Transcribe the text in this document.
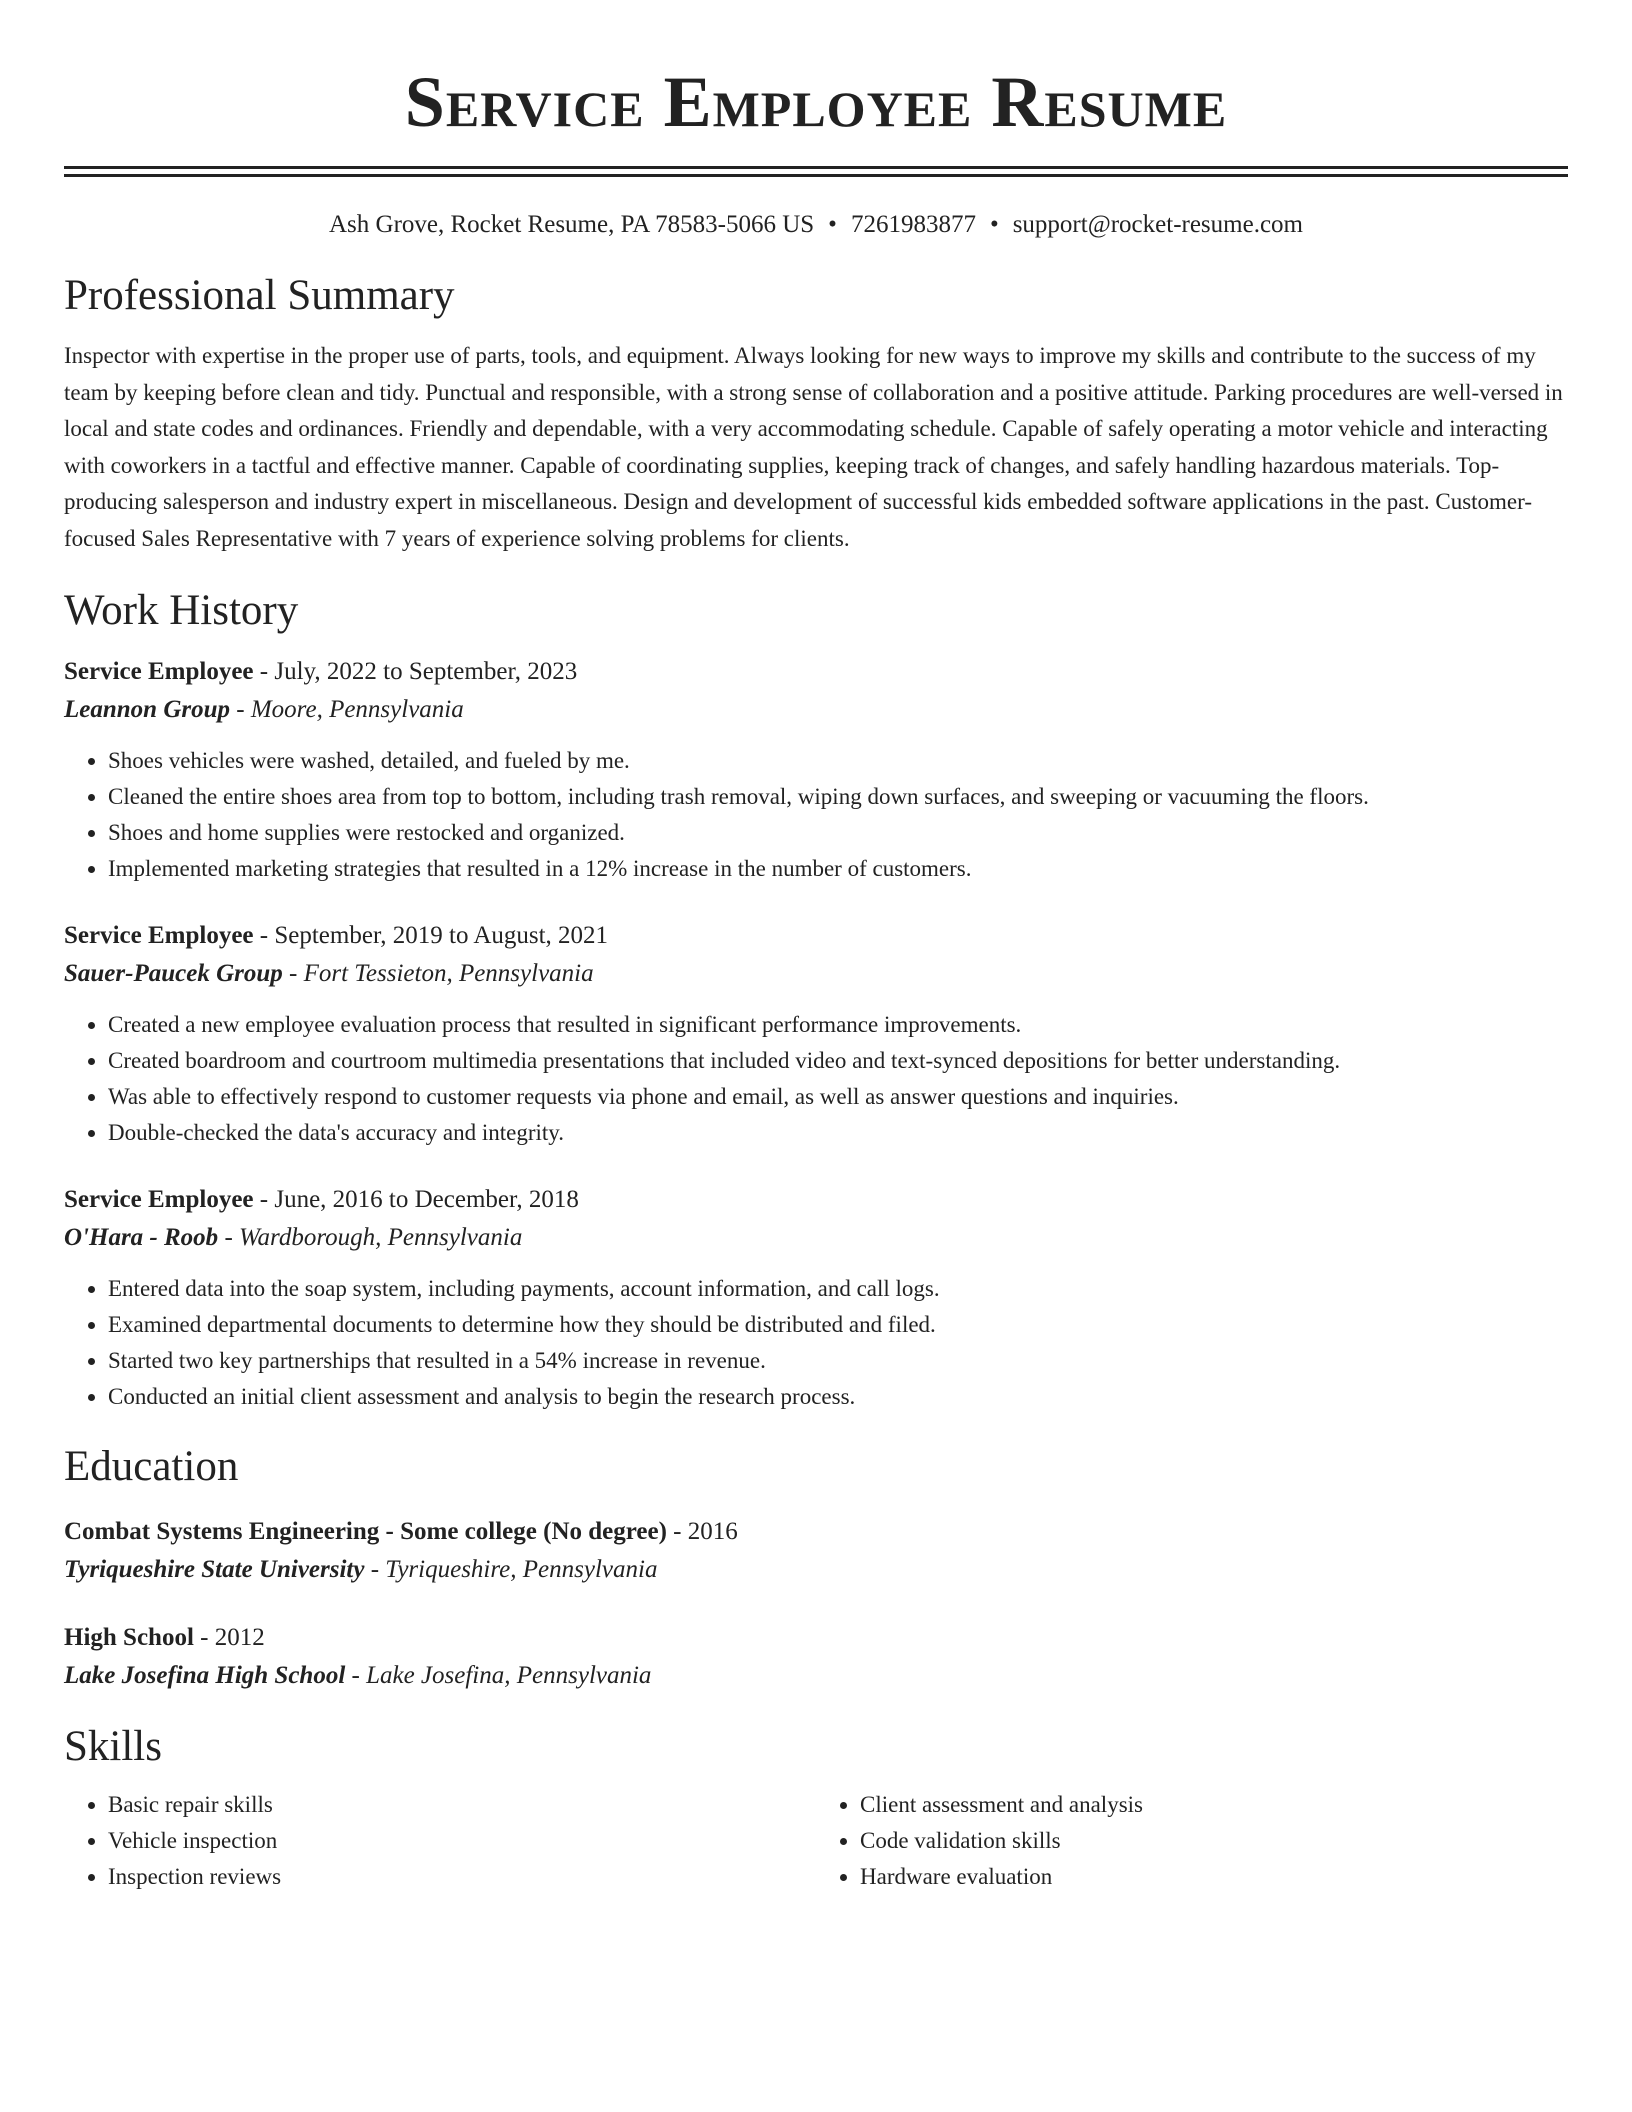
Service Employee Resume
Ash Grove, Rocket Resume, PA 78583-5066 US • 7261983877 • support@rocket-resume.com
Professional Summary

Inspector with expertise in the proper use of parts, tools, and equipment. Always looking for new ways to improve my skills and contribute to the success of my team by keeping before clean and tidy. Punctual and responsible, with a strong sense of collaboration and a positive attitude. Parking procedures are well-versed in local and state codes and ordinances. Friendly and dependable, with a very accommodating schedule. Capable of safely operating a motor vehicle and interacting with coworkers in a tactful and effective manner. Capable of coordinating supplies, keeping track of changes, and safely handling hazardous materials. Top-producing salesperson and industry expert in miscellaneous. Design and development of successful kids embedded software applications in the past. Customer-focused Sales Representative with 7 years of experience solving problems for clients.

Work History
Service Employee - July, 2022 to September, 2023
Leannon Group - Moore, Pennsylvania
• Shoes vehicles were washed, detailed, and fueled by me.
• Cleaned the entire shoes area from top to bottom, including trash removal, wiping down surfaces, and sweeping or vacuuming the floors.
• Shoes and home supplies were restocked and organized.
• Implemented marketing strategies that resulted in a 12% increase in the number of customers.
Service Employee - September, 2019 to August, 2021
Sauer-Paucek Group - Fort Tessieton, Pennsylvania
• Created a new employee evaluation process that resulted in significant performance improvements.
• Created boardroom and courtroom multimedia presentations that included video and text-synced depositions for better understanding.
• Was able to effectively respond to customer requests via phone and email, as well as answer questions and inquiries.
• Double-checked the data's accuracy and integrity.
Service Employee - June, 2016 to December, 2018
O'Hara - Roob - Wardborough, Pennsylvania
• Entered data into the soap system, including payments, account information, and call logs.
• Examined departmental documents to determine how they should be distributed and filed.
• Started two key partnerships that resulted in a 54% increase in revenue.
• Conducted an initial client assessment and analysis to begin the research process.
Education
Combat Systems Engineering - Some college (No degree) - 2016
Tyriqueshire State University - Tyriqueshire, Pennsylvania
High School - 2012
Lake Josefina High School - Lake Josefina, Pennsylvania
Skills
• Basic repair skills
• Vehicle inspection
• Inspection reviews
• Client assessment and analysis
• Code validation skills
• Hardware evaluation
